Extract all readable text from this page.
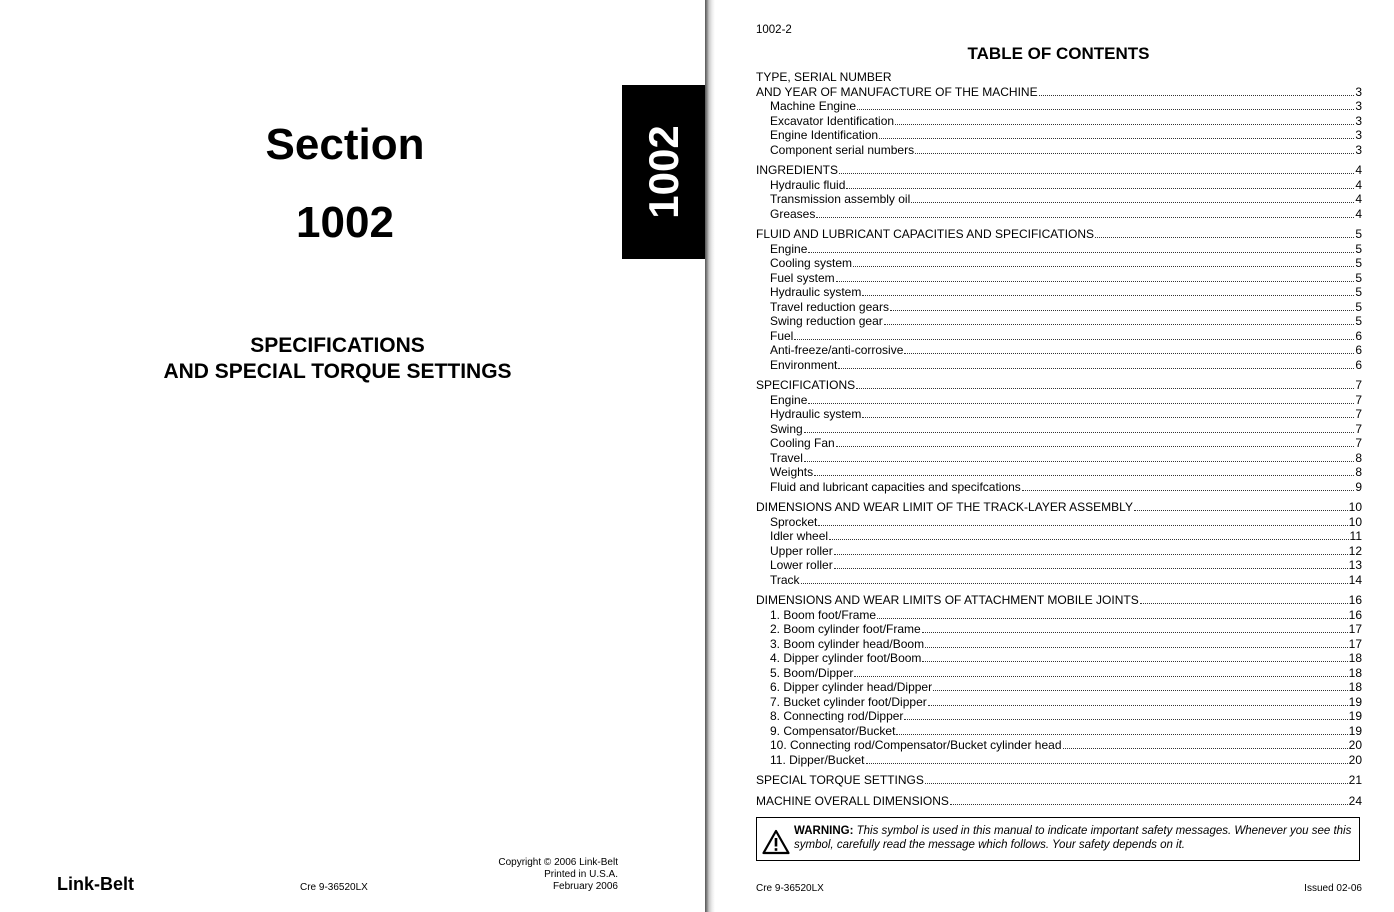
Section
1002
SPECIFICATIONS
AND SPECIAL TORQUE SETTINGS
1002
Link-Belt	Cre 9-36520LX
Copyright © 2006 Link-Belt
Printed in U.S.A.
February 2006
1002-2
TABLE OF CONTENTS
TYPE, SERIAL NUMBER
AND YEAR OF MANUFACTURE OF THE MACHINE	3
Machine Engine	3
Excavator Identification	3
Engine Identification	3
Component serial numbers	3
INGREDIENTS	4
Hydraulic fluid	4
Transmission assembly oil	4
Greases	4
FLUID AND LUBRICANT CAPACITIES AND SPECIFICATIONS	5
Engine	5
Cooling system	5
Fuel system	5
Hydraulic system	5
Travel reduction gears	5
Swing reduction gear	5
Fuel	6
Anti-freeze/anti-corrosive	6
Environment	6
SPECIFICATIONS	7
Engine	7
Hydraulic system	7
Swing	7
Cooling Fan	7
Travel	8
Weights	8
Fluid and lubricant capacities and specifcations	9
DIMENSIONS AND WEAR LIMIT OF THE TRACK-LAYER ASSEMBLY	10
Sprocket	10
Idler wheel	11
Upper roller	12
Lower roller	13
Track	14
DIMENSIONS AND WEAR LIMITS OF ATTACHMENT MOBILE JOINTS	16
1. Boom foot/Frame	16
2. Boom cylinder foot/Frame	17
3. Boom cylinder head/Boom	17
4. Dipper cylinder foot/Boom	18
5. Boom/Dipper	18
6. Dipper cylinder head/Dipper	18
7. Bucket cylinder foot/Dipper	19
8. Connecting rod/Dipper	19
9. Compensator/Bucket	19
10. Connecting rod/Compensator/Bucket cylinder head	20
11. Dipper/Bucket	20
SPECIAL TORQUE SETTINGS	21
MACHINE OVERALL DIMENSIONS	24
WARNING: This symbol is used in this manual to indicate important safety messages. Whenever you see this symbol, carefully read the message which follows. Your safety depends on it.
Cre 9-36520LX	Issued 02-06
